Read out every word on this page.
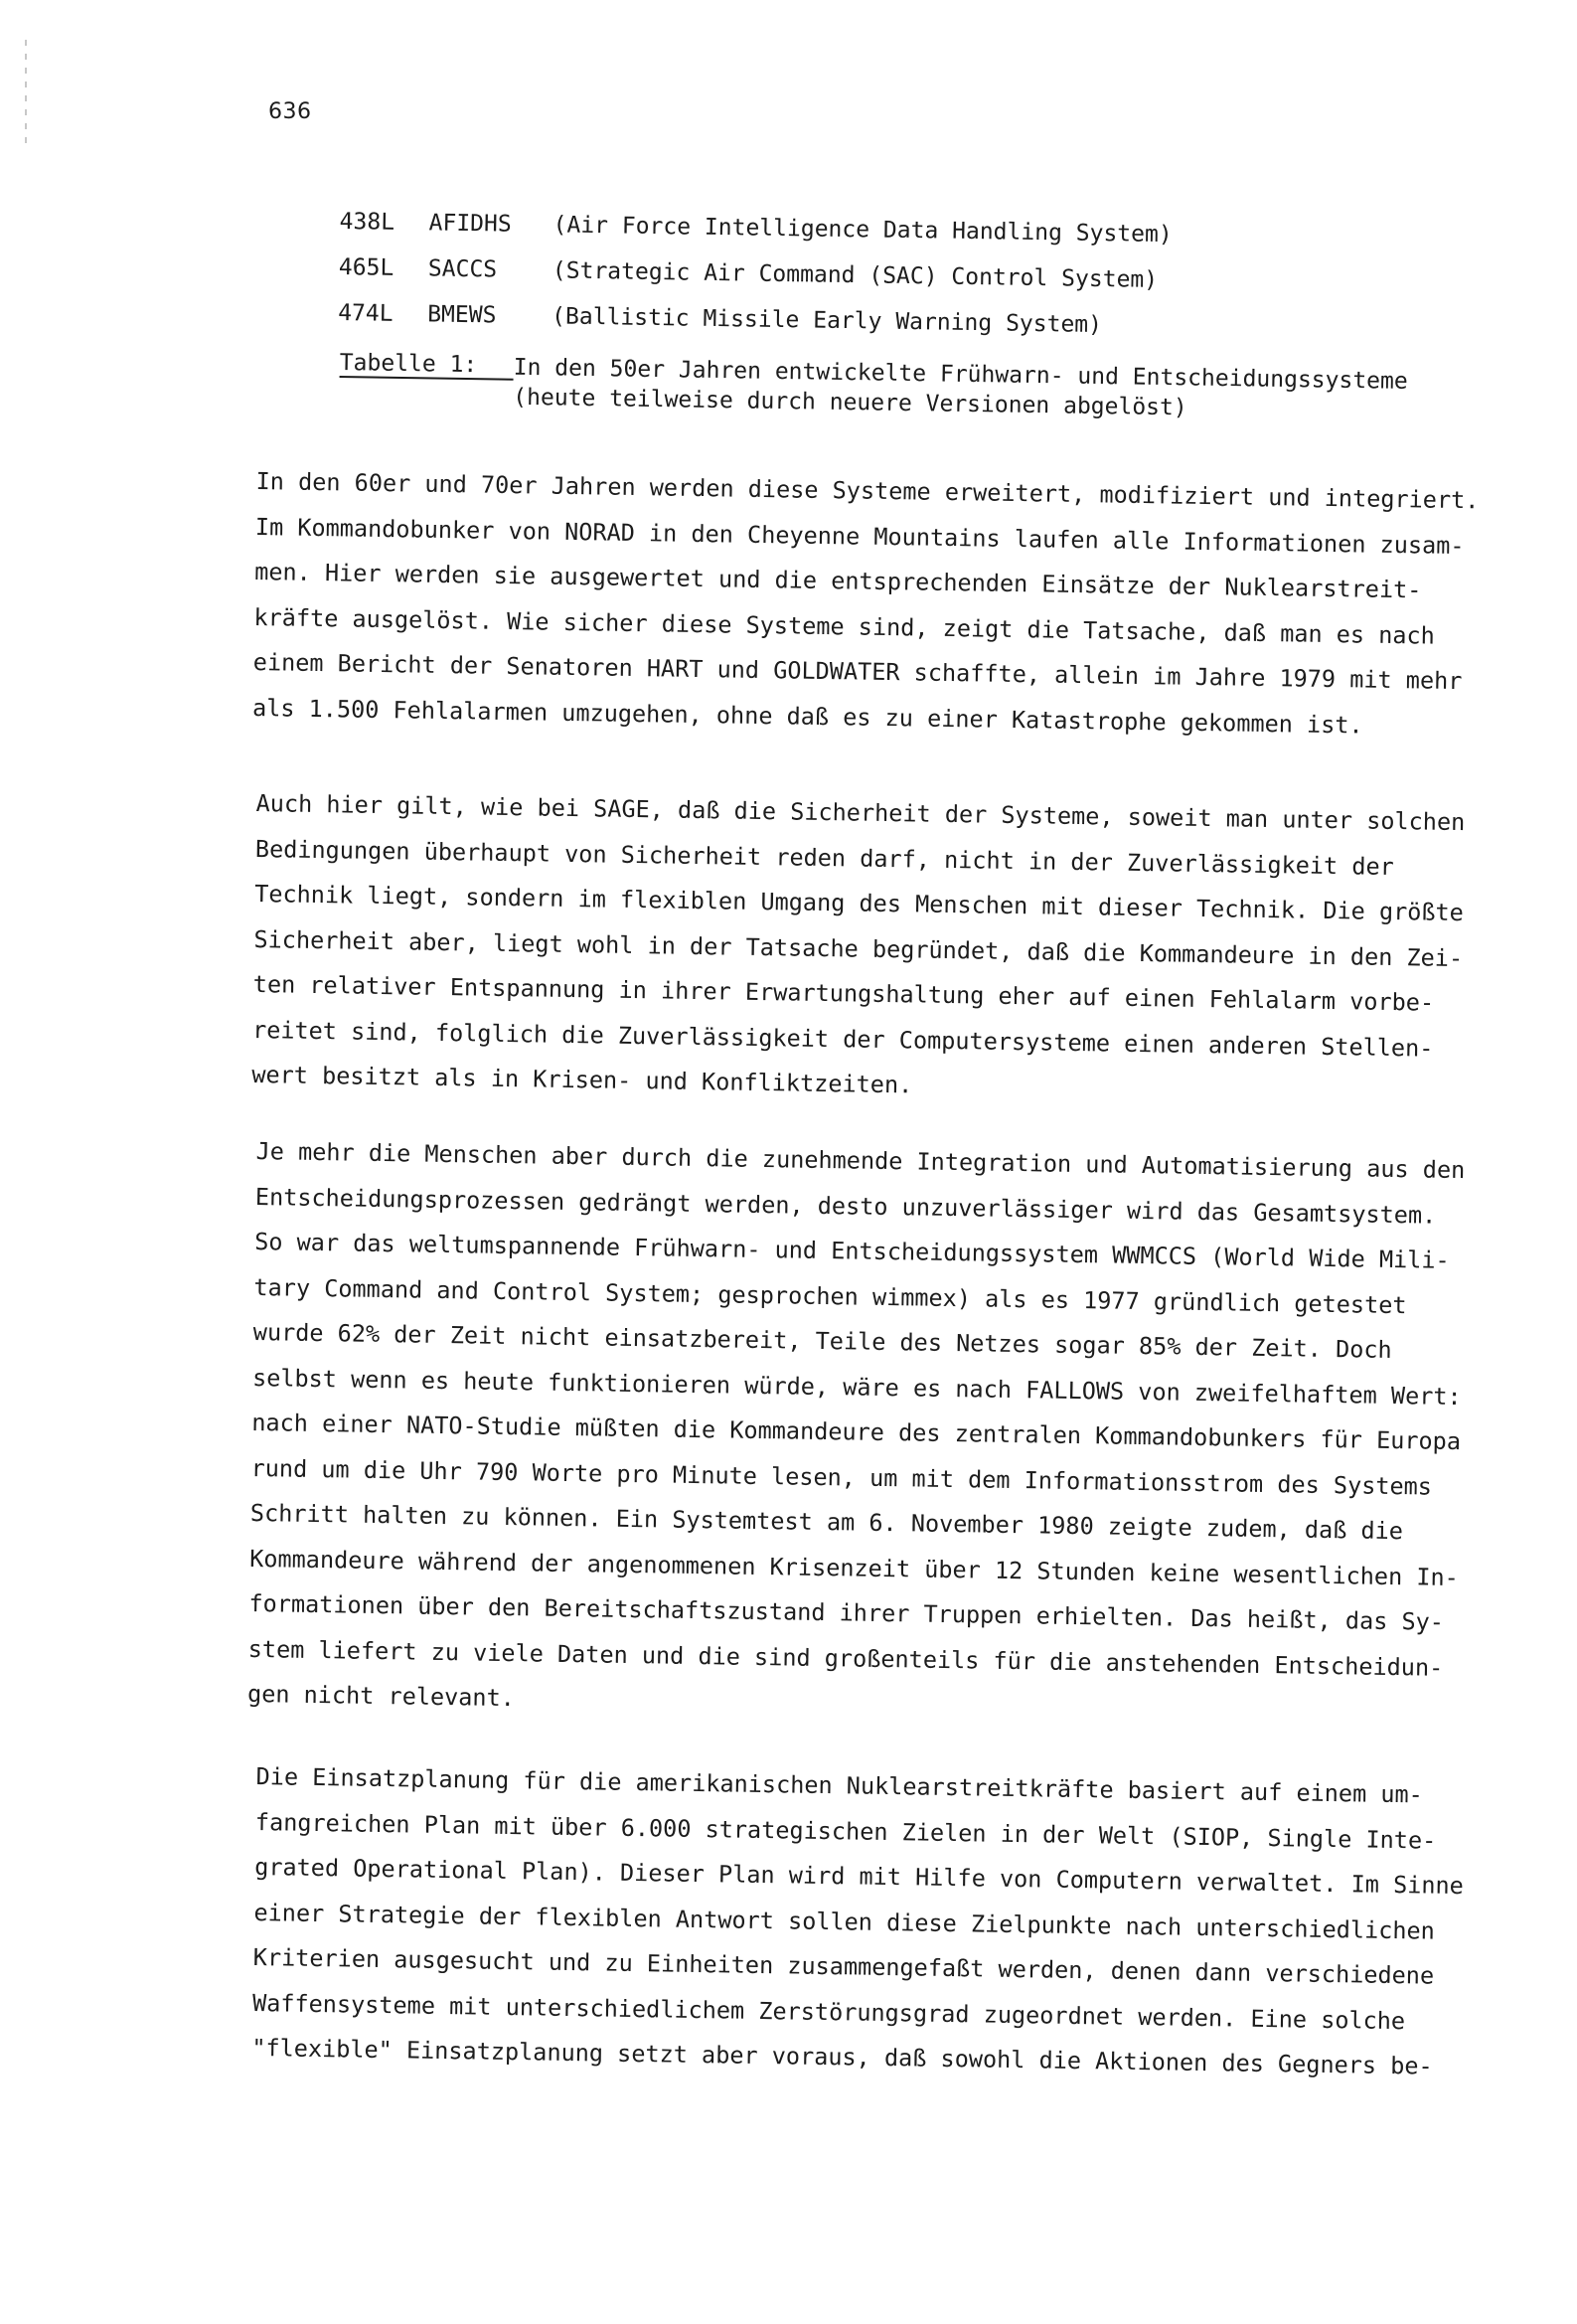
636
438L	AFIDHS	(Air Force Intelligence Data Handling System)
465L	SACCS	(Strategic Air Command (SAC) Control System)
474L	BMEWS	(Ballistic Missile Early Warning System)
Tabelle 1:	In den 50er Jahren entwickelte Frühwarn- und Entscheidungssysteme
(heute teilweise durch neuere Versionen abgelöst)
In den 60er und 70er Jahren werden diese Systeme erweitert, modifiziert und integriert.
Im Kommandobunker von NORAD in den Cheyenne Mountains laufen alle Informationen zusam-
men. Hier werden sie ausgewertet und die entsprechenden Einsätze der Nuklearstreit-
kräfte ausgelöst. Wie sicher diese Systeme sind, zeigt die Tatsache, daß man es nach
einem Bericht der Senatoren HART und GOLDWATER schaffte, allein im Jahre 1979 mit mehr
als 1.500 Fehlalarmen umzugehen, ohne daß es zu einer Katastrophe gekommen ist.
Auch hier gilt, wie bei SAGE, daß die Sicherheit der Systeme, soweit man unter solchen
Bedingungen überhaupt von Sicherheit reden darf, nicht in der Zuverlässigkeit der
Technik liegt, sondern im flexiblen Umgang des Menschen mit dieser Technik. Die größte
Sicherheit aber, liegt wohl in der Tatsache begründet, daß die Kommandeure in den Zei-
ten relativer Entspannung in ihrer Erwartungshaltung eher auf einen Fehlalarm vorbe-
reitet sind, folglich die Zuverlässigkeit der Computersysteme einen anderen Stellen-
wert besitzt als in Krisen- und Konfliktzeiten.
Je mehr die Menschen aber durch die zunehmende Integration und Automatisierung aus den
Entscheidungsprozessen gedrängt werden, desto unzuverlässiger wird das Gesamtsystem.
So war das weltumspannende Frühwarn- und Entscheidungssystem WWMCCS (World Wide Mili-
tary Command and Control System; gesprochen wimmex) als es 1977 gründlich getestet
wurde 62% der Zeit nicht einsatzbereit, Teile des Netzes sogar 85% der Zeit. Doch
selbst wenn es heute funktionieren würde, wäre es nach FALLOWS von zweifelhaftem Wert:
nach einer NATO-Studie müßten die Kommandeure des zentralen Kommandobunkers für Europa
rund um die Uhr 790 Worte pro Minute lesen, um mit dem Informationsstrom des Systems
Schritt halten zu können. Ein Systemtest am 6. November 1980 zeigte zudem, daß die
Kommandeure während der angenommenen Krisenzeit über 12 Stunden keine wesentlichen In-
formationen über den Bereitschaftszustand ihrer Truppen erhielten. Das heißt, das Sy-
stem liefert zu viele Daten und die sind großenteils für die anstehenden Entscheidun-
gen nicht relevant.
Die Einsatzplanung für die amerikanischen Nuklearstreitkräfte basiert auf einem um-
fangreichen Plan mit über 6.000 strategischen Zielen in der Welt (SIOP, Single Inte-
grated Operational Plan). Dieser Plan wird mit Hilfe von Computern verwaltet. Im Sinne
einer Strategie der flexiblen Antwort sollen diese Zielpunkte nach unterschiedlichen
Kriterien ausgesucht und zu Einheiten zusammengefaßt werden, denen dann verschiedene
Waffensysteme mit unterschiedlichem Zerstörungsgrad zugeordnet werden. Eine solche
"flexible" Einsatzplanung setzt aber voraus, daß sowohl die Aktionen des Gegners be-
